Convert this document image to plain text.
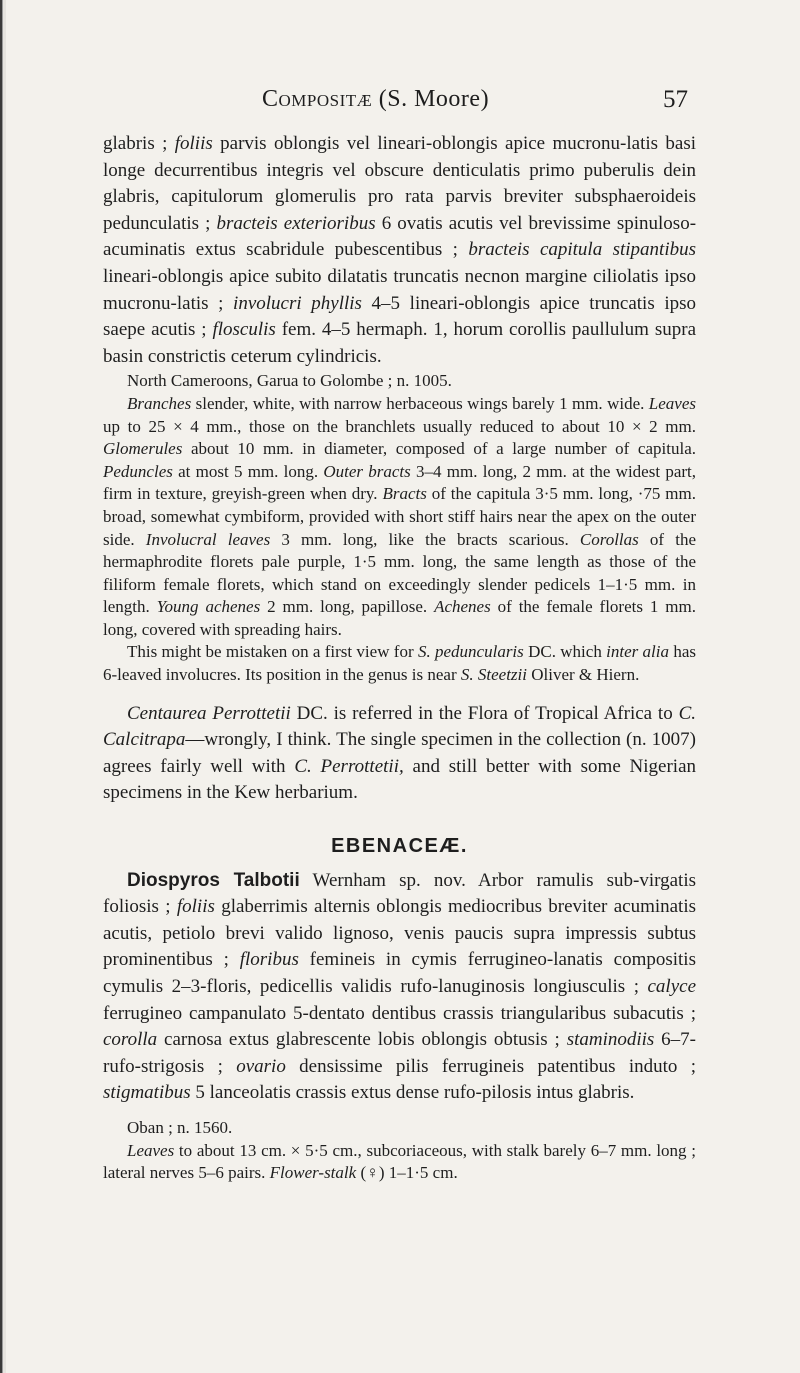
Compositæ (S. Moore)	57

glabris ; foliis parvis oblongis vel lineari-oblongis apice mucronu-latis basi longe decurrentibus integris vel obscure denticulatis primo puberulis dein glabris, capitulorum glomerulis pro rata parvis breviter subsphaeroideis pedunculatis ; bracteis exterioribus 6 ovatis acutis vel brevissime spinuloso-acuminatis extus scabridule pubescentibus ; bracteis capitula stipantibus lineari-oblongis apice subito dilatatis truncatis necnon margine ciliolatis ipso mucronu-latis ; involucri phyllis 4–5 lineari-oblongis apice truncatis ipso saepe acutis ; flosculis fem. 4–5 hermaph. 1, horum corollis paullulum supra basin constrictis ceterum cylindricis.

North Cameroons, Garua to Golombe ; n. 1005.

Branches slender, white, with narrow herbaceous wings barely 1 mm. wide. Leaves up to 25 × 4 mm., those on the branchlets usually reduced to about 10 × 2 mm. Glomerules about 10 mm. in diameter, composed of a large number of capitula. Peduncles at most 5 mm. long. Outer bracts 3–4 mm. long, 2 mm. at the widest part, firm in texture, greyish-green when dry. Bracts of the capitula 3·5 mm. long, ·75 mm. broad, somewhat cymbiform, provided with short stiff hairs near the apex on the outer side. Involucral leaves 3 mm. long, like the bracts scarious. Corollas of the hermaphrodite florets pale purple, 1·5 mm. long, the same length as those of the filiform female florets, which stand on exceedingly slender pedicels 1–1·5 mm. in length. Young achenes 2 mm. long, papillose. Achenes of the female florets 1 mm. long, covered with spreading hairs.

This might be mistaken on a first view for S. peduncularis DC. which inter alia has 6-leaved involucres. Its position in the genus is near S. Steetzii Oliver & Hiern.

Centaurea Perrottetii DC. is referred in the Flora of Tropical Africa to C. Calcitrapa—wrongly, I think. The single specimen in the collection (n. 1007) agrees fairly well with C. Perrottetii, and still better with some Nigerian specimens in the Kew herbarium.

EBENACEÆ.

Diospyros Talbotii Wernham sp. nov. Arbor ramulis sub-virgatis foliosis ; foliis glaberrimis alternis oblongis mediocribus breviter acuminatis acutis, petiolo brevi valido lignoso, venis paucis supra impressis subtus prominentibus ; floribus femineis in cymis ferrugineo-lanatis compositis cymulis 2–3-floris, pedicellis validis rufo-lanuginosis longiusculis ; calyce ferrugineo campanulato 5-dentato dentibus crassis triangularibus subacutis ; corolla carnosa extus glabrescente lobis oblongis obtusis ; staminodiis 6–7-rufo-strigosis ; ovario densissime pilis ferrugineis patentibus induto ; stigmatibus 5 lanceolatis crassis extus dense rufo-pilosis intus glabris.

Oban ; n. 1560.

Leaves to about 13 cm. × 5·5 cm., subcoriaceous, with stalk barely 6–7 mm. long ; lateral nerves 5–6 pairs. Flower-stalk (♀) 1–1·5 cm.
